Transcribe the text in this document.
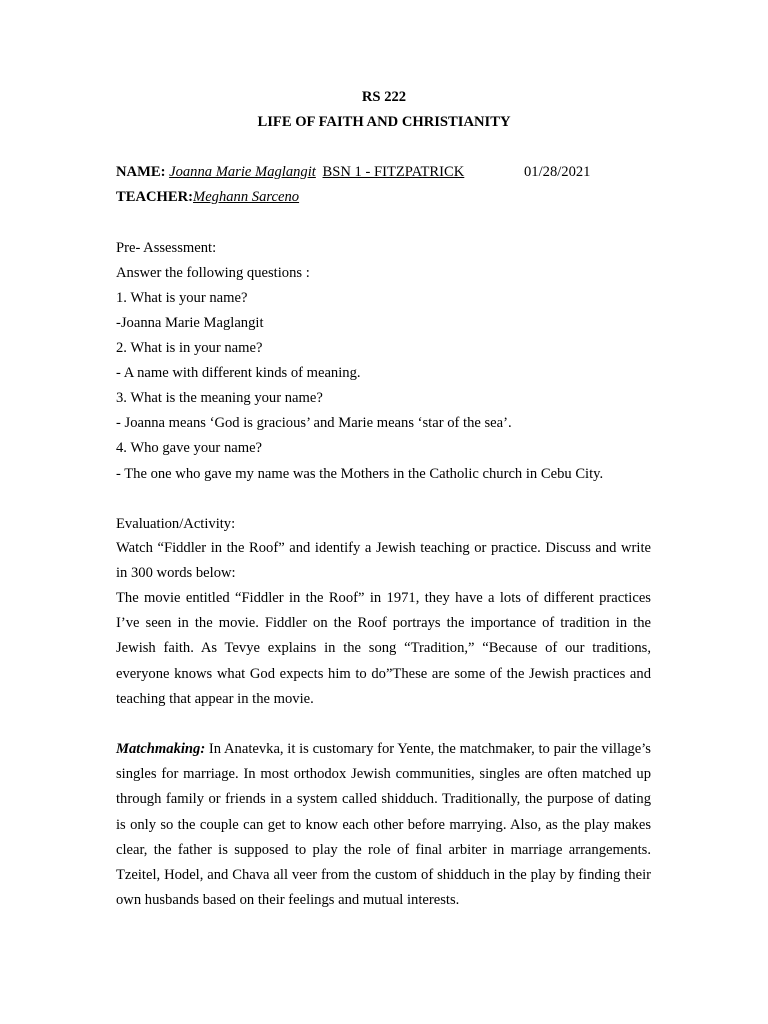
RS 222
LIFE OF FAITH AND CHRISTIANITY
NAME: Joanna Marie Maglangit BSN 1 - FITZPATRICK	01/28/2021
TEACHER:Meghann Sarceno
Pre- Assessment:
Answer the following questions :
1. What is your name?
-Joanna Marie Maglangit
2. What is in your name?
- A name with different kinds of meaning.
3. What is the meaning your name?
- Joanna means ‘God is gracious’ and Marie means ‘star of the sea’.
4. Who gave your name?
- The one who gave my name was the Mothers in the Catholic church in Cebu City.
Evaluation/Activity:
Watch “Fiddler in the Roof” and identify a Jewish teaching or practice. Discuss and write in 300 words below:
The movie entitled “Fiddler in the Roof” in 1971, they have a lots of different practices I’ve seen in the movie. Fiddler on the Roof portrays the importance of tradition in the Jewish faith. As Tevye explains in the song “Tradition,” “Because of our traditions, everyone knows what God expects him to do”These are some of the Jewish practices and teaching that appear in the movie.
Matchmaking: In Anatevka, it is customary for Yente, the matchmaker, to pair the village’s singles for marriage. In most orthodox Jewish communities, singles are often matched up through family or friends in a system called shidduch. Traditionally, the purpose of dating is only so the couple can get to know each other before marrying. Also, as the play makes clear, the father is supposed to play the role of final arbiter in marriage arrangements. Tzeitel, Hodel, and Chava all veer from the custom of shidduch in the play by finding their own husbands based on their feelings and mutual interests.
